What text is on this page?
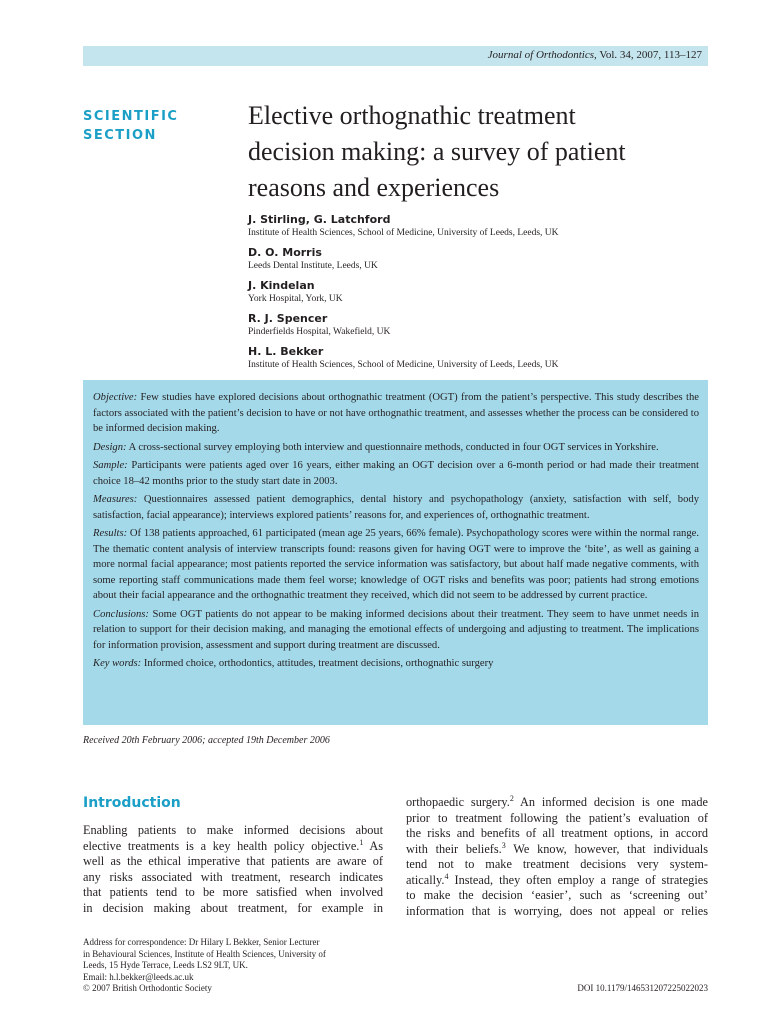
Journal of Orthodontics, Vol. 34, 2007, 113–127
SCIENTIFIC
SECTION
Elective orthognathic treatment
decision making: a survey of patient
reasons and experiences
J. Stirling, G. Latchford
Institute of Health Sciences, School of Medicine, University of Leeds, Leeds, UK
D. O. Morris
Leeds Dental Institute, Leeds, UK
J. Kindelan
York Hospital, York, UK
R. J. Spencer
Pinderfields Hospital, Wakefield, UK
H. L. Bekker
Institute of Health Sciences, School of Medicine, University of Leeds, Leeds, UK

Objective: Few studies have explored decisions about orthognathic treatment (OGT) from the patient’s perspective. This study describes the factors associated with the patient’s decision to have or not have orthognathic treatment, and assesses whether the process can be considered to be informed decision making.

Design: A cross-sectional survey employing both interview and questionnaire methods, conducted in four OGT services in Yorkshire.

Sample: Participants were patients aged over 16 years, either making an OGT decision over a 6-month period or had made their treatment choice 18–42 months prior to the study start date in 2003.

Measures: Questionnaires assessed patient demographics, dental history and psychopathology (anxiety, satisfaction with self, body satisfaction, facial appearance); interviews explored patients’ reasons for, and experiences of, orthognathic treatment.

Results: Of 138 patients approached, 61 participated (mean age 25 years, 66% female). Psychopathology scores were within the normal range. The thematic content analysis of interview transcripts found: reasons given for having OGT were to improve the ‘bite’, as well as gaining a more normal facial appearance; most patients reported the service information was satisfactory, but about half made negative comments, with some reporting staff communications made them feel worse; knowledge of OGT risks and benefits was poor; patients had strong emotions about their facial appearance and the orthognathic treatment they received, which did not seem to be addressed by current practice.

Conclusions: Some OGT patients do not appear to be making informed decisions about their treatment. They seem to have unmet needs in relation to support for their decision making, and managing the emotional effects of undergoing and adjusting to treatment. The implications for information provision, assessment and support during treatment are discussed.

Key words: Informed choice, orthodontics, attitudes, treatment decisions, orthognathic surgery

Received 20th February 2006; accepted 19th December 2006
Introduction
Enabling patients to make informed decisions about
elective treatments is a key health policy objective.$^1$ As
well as the ethical imperative that patients are aware of
any risks associated with treatment, research indicates
that patients tend to be more satisfied when involved
in decision making about treatment, for example in
orthopaedic surgery.$^2$ An informed decision is one made
prior to treatment following the patient’s evaluation of
the risks and benefits of all treatment options, in accord
with their beliefs.$^3$ We know, however, that individuals
tend not to make treatment decisions very system-
atically.$^4$ Instead, they often employ a range of strategies
to make the decision ‘easier’, such as ‘screening out’
information that is worrying, does not appeal or relies
Address for correspondence: Dr Hilary L Bekker, Senior Lecturer
in Behavioural Sciences, Institute of Health Sciences, University of
Leeds, 15 Hyde Terrace, Leeds LS2 9LT, UK.
Email: h.l.bekker@leeds.ac.uk
© 2007 British Orthodontic Society	DOI 10.1179/146531207225022023
